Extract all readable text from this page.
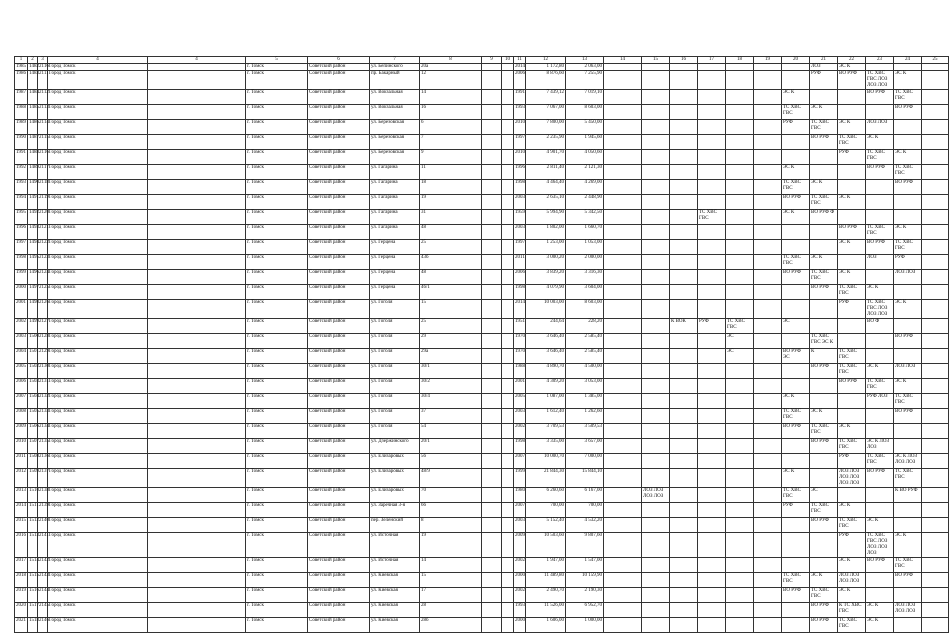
1	2	3	4	4	5	6	7	8	9	10	11	12	13	14	15	16	17	18	19	20	21	22	23	24	25
1985	1482	2116	Город Томск		г. Томск	Советский район	ул. Бепинского	20а			2014	1 172,80	2 063,00								ЛОЗ	ЭС К			
1986	1483	2111	Город Томск		г. Томск	Советский район	пр. Бакарный	12			2006	8 876,60	7 255,90								РУФ	ВО РУФ	ТС ХВС ГВС ЛОЗ ЛОЗ ЛОЗ	ЭС К	
1987	1484	2112	Город Томск		г. Томск	Советский район	ул. Вокзальная	14			1991	7 439,12	7 019,10							ЭС К			ВО РУФ	ТС ХВС ГВС	
1988	1485	2113	Город Томск		г. Томск	Советский район	ул. Вокзальная	16			1993	7 067,00	8 603,00							ТС ХВС ГВС	ЭС К			ВО РУФ	
1989	1486	2114	Город Томск		г. Томск	Советский район	ул. Березовская	6			2010	7 800,00	5 450,00							РУФ	ТС ХВС ГВС	ЭС К	ЛОЗ ЛОЗ		
1990	1487	2115	Город Томск		г. Томск	Советский район	ул. Березовская	7			1997	2 235,90	1 945,60								ВО РУФ	ТС ХВС ГВС	ЭС К		
1991	1488	2116	Город Томск		г. Томск	Советский район	ул. Березовская	9			2010	4 901,70	4 050,60									РУФ	ТС ХВС ГВС	ЭС К	
1992	1489	2117	Город Томск		г. Томск	Советский район	ул. Гагарина	11			1996	2 811,40	2 121,30							ЭС К			ВО РУФ	ТС ХВС ГВС	
1993	1490	2118	Город Томск		г. Томск	Советский район	ул. Гагарина	18			1998	4 464,40	4 269,00							ТС ХВС ГВС	ЭС К			ВО РУФ	
1994	1491	2119	Город Томск		г. Томск	Советский район	ул. Гагарина	19			2003	2 635,10	2 448,90							ВО РУФ	ТС ХВС ГВС	ЭС К			
1995	1492	2120	Город Томск		г. Томск	Советский район	ул. Гагарина	31			1959	5 994,90	5 342,50				ТС ХВС ГВС			ЭС К	ВО РУФ Ф				
1996	1493	2121	Город Томск		г. Томск	Советский район	ул. Гагарина	48			2003	1 802,00	1 660,70									ВО РУФ	ТС ХВС ГВС	ЭС К	
1997	1494	2122	Город Томск		г. Томск	Советский район	ул. Герцена	25			1997	1 253,00	1 053,00									ЭС К	ВО РУФ	ТС ХВС ГВС	
1998	1495	2123	Город Томск		г. Томск	Советский район	ул. Герцена	43б			2011	3 000,20	2 000,00							ТС ХВС ГВС	ЭС К		ЛОЗ	РУФ	
1999	1496	2124	Город Томск		г. Томск	Советский район	ул. Герцена	48			2006	3 839,20	3 316,30							ВО РУФ	ТС ХВС ГВС	ЭС К		ЛОЗ ЛОЗ	
2000	1497	2125	Город Томск		г. Томск	Советский район	ул. Герцена	46/1			1998	4 079,90	3 604,00								ВО РУФ	ТС ХВС ГВС	ЭС К		
2001	1498	2126	Город Томск		г. Томск	Советский район	ул. Гоголя	15			2014	10 003,00	8 603,00									РУФ	ТС ХВС ГВС ЛОЗ ЛОЗ ЛОЗ	ЭС К	
2002	1499	2127	Город Томск		г. Томск	Советский район	ул. Гоголя	25			1951	244,64	228,20			К ВОК	РУФ	ТС ХВС ГВС		ЭС			ВО Ф		
2003	1500	2128	Город Томск		г. Томск	Советский район	ул. Гоголя	29			1970	3 646,40	2 585,40					ЭС			ТС ХВС ГВС ЭС К			ВО РУФ	
2004	1501	2129	Город Томск		г. Томск	Советский район	ул. Гоголя	29а			1970	3 646,40	2 585,40					ЭС		ВО РУФ ЭС	К	ТС ХВС ГВС			
2005	1502	2130	Город Томск		г. Томск	Советский район	ул. Гоголя	30/1			1988	4 890,70	4 500,00								ВО РУФ	ТС ХВС ГВС	ЭС К	ЛОЗ ЛОЗ	
2006	1503	2131	Город Томск		г. Томск	Советский район	ул. Гоголя	30/2			2001	4 309,20	3 053,00									ВО РУФ	ТС ХВС ГВС	ЭС К	
2007	1504	2132	Город Томск		г. Томск	Советский район	ул. Гоголя	30/4			2005	1 087,00	1 385,00							ЭС К			РУФ ЛОЗ	ТС ХВС ГВС	
2008	1505	2133	Город Томск		г. Томск	Советский район	ул. Гоголя	37			2003	1 612,40	1 262,60							ТС ХВС ГВС	ЭС К			ВО РУФ	
2009	1506	2134	Город Томск		г. Томск	Советский район	ул. Гоголя	54			2002	3 709,53	3 509,53							ВО РУФ	ТС ХВС ГВС	ЭС К			
2010	1507	2135	Город Томск		г. Томск	Советский район	ул. Дзержинского	20/1			1998	3 335,00	3 657,00								ВО РУФ	ТС ХВС ГВС	ЭС К ЛОЗ ЛОЗ		
2011	1508	2136	Город Томск		г. Томск	Советский район	ул. Елизаровых	56			2007	10 000,70	7 000,00									РУФ	ТС ХВС ГВС	ЭС К ЛОЗ ЛОЗ ЛОЗ	
2012	1509	2137	Город Томск		г. Томск	Советский район	ул. Елизаровых	48/9			1999	21 844,30	15 844,10							ЭС К		ЛОЗ ЛОЗ ЛОЗ ЛОЗ ЛОЗ ЛОЗ	ВО РУФ	ТС ХВС ГВС	
2013	1510	2138	Город Томск		г. Томск	Советский район	ул. Елизаровых	70			1980	6 260,60	6 167,00		ЛОЗ ЛОЗ ЛОЗ ЛОЗ					ТС ХВС ГВС	ЭС			К ВО РУФ	
2014	1511	2139	Город Томск		г. Томск	Советский район	ул. Заречная 3-я	66			2007	700,00	700,00							РУФ	ТС ХВС ГВС	ЭС К			
2015	1512	2140	Город Томск		г. Томск	Советский район	пер. Зеленский	8			2003	5 152,40	4 532,20								ВО РУФ	ТС ХВС ГВС	ЭС К		
2016	1513	2141	Город Томск		г. Томск	Советский район	ул. Источная	19			2009	10 503,60	9 807,60									РУФ	ТС ХВС ГВС ЛОЗ ЛОЗ ЛОЗ ЛОЗ	ЭС К	
2017	1514	2142	Город Томск		г. Томск	Советский район	ул. Источная	14			2002	1 947,00	1 547,00									ЭС К	ВО РУФ	ТС ХВС ГВС	
2018	1515	2143	Город Томск		г. Томск	Советский район	ул. Киевская	15			2000	11 489,80	10 159,90							ТС ХВС ГВС	ЭС К	ЛОЗ ЛОЗ ЛОЗ ЛОЗ		ВО РУФ	
2019	1516	2144	Город Томск		г. Томск	Советский район	ул. Киевская	17			2002	2 490,70	2 190,30							ВО РУФ	ТС ХВС ГВС	ЭС К			
2020	1517	2145	Город Томск		г. Томск	Советский район	ул. Киевская	28			1993	11 526,00	6 952,70								ВО РУФ	К ТС ХВС ГВС	ЭС К	ЛОЗ ЛОЗ ЛОЗ ЛОЗ	
2021	1518	2146	Город Томск		г. Томск	Советский район	ул. Киевская	28б			2000	1 606,00	1 000,00								ВО РУФ	ТС ХВС ГВС	ЭС К		
